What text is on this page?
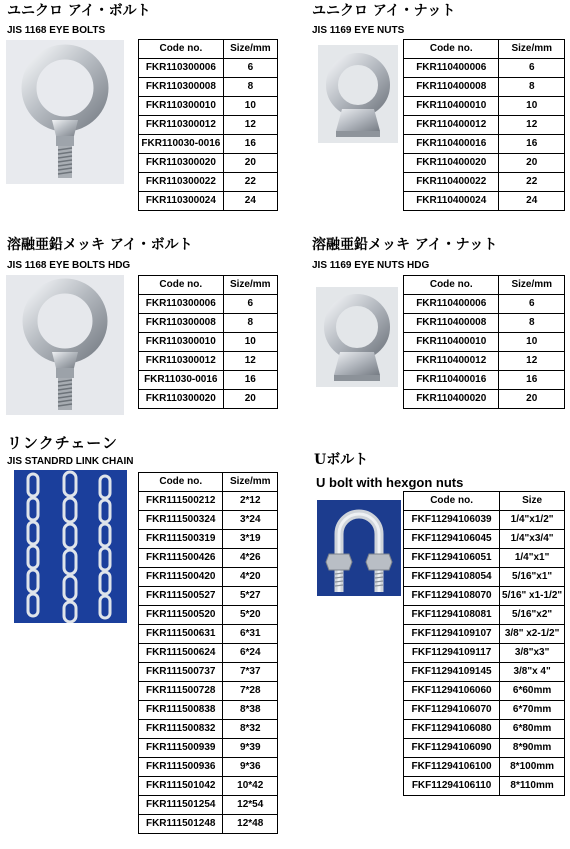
ユニクロ アイ・ボルト
JIS 1168 EYE BOLTS
Code no.	Size/mm
FKR110300006	6
FKR110300008	8
FKR110300010	10
FKR110300012	12
FKR110030-0016	16
FKR110300020	20
FKR110300022	22
FKR110300024	24
ユニクロ アイ・ナット
JIS 1169 EYE NUTS
Code no.	Size/mm
FKR110400006	6
FKR110400008	8
FKR110400010	10
FKR110400012	12
FKR110400016	16
FKR110400020	20
FKR110400022	22
FKR110400024	24
溶融亜鉛メッキ アイ・ボルト
JIS 1168 EYE BOLTS HDG
Code no.	Size/mm
FKR110300006	6
FKR110300008	8
FKR110300010	10
FKR110300012	12
FKR11030-0016	16
FKR110300020	20
溶融亜鉛メッキ アイ・ナット
JIS 1169 EYE NUTS HDG
Code no.	Size/mm
FKR110400006	6
FKR110400008	8
FKR110400010	10
FKR110400012	12
FKR110400016	16
FKR110400020	20
リンクチェーン
JIS STANDRD LINK CHAIN
Code no.	Size/mm
FKR111500212	2*12
FKR111500324	3*24
FKR111500319	3*19
FKR111500426	4*26
FKR111500420	4*20
FKR111500527	5*27
FKR111500520	5*20
FKR111500631	6*31
FKR111500624	6*24
FKR111500737	7*37
FKR111500728	7*28
FKR111500838	8*38
FKR111500832	8*32
FKR111500939	9*39
FKR111500936	9*36
FKR111501042	10*42
FKR111501254	12*54
FKR111501248	12*48
Uボルト
U bolt with hexgon nuts
Code no.	Size
FKF11294106039	1/4"x1/2"
FKF11294106045	1/4"x3/4"
FKF11294106051	1/4"x1"
FKF11294108054	5/16"x1"
FKF11294108070	5/16" x1-1/2"
FKF11294108081	5/16"x2"
FKF11294109107	3/8" x2-1/2"
FKF11294109117	3/8"x3"
FKF11294109145	3/8"x 4"
FKF11294106060	6*60mm
FKF11294106070	6*70mm
FKF11294106080	6*80mm
FKF11294106090	8*90mm
FKF11294106100	8*100mm
FKF11294106110	8*110mm
